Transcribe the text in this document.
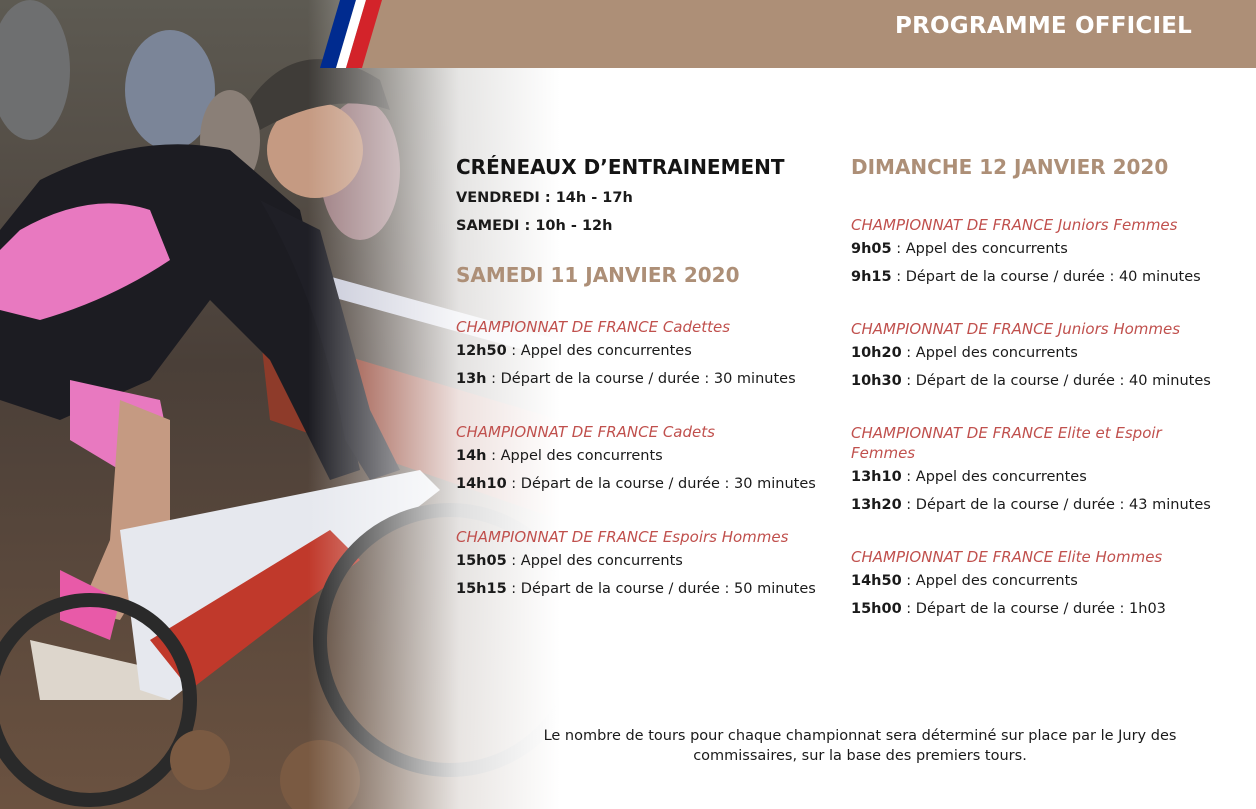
PROGRAMME OFFICIEL
CRÉNEAUX D’ENTRAINEMENT
VENDREDI : 14h - 17h
SAMEDI : 10h - 12h
SAMEDI 11 JANVIER 2020
CHAMPIONNAT DE FRANCE Cadettes
12h50 : Appel des concurrentes
13h : Départ de la course / durée : 30 minutes
CHAMPIONNAT DE FRANCE Cadets
14h : Appel des concurrents
14h10 : Départ de la course / durée : 30 minutes
CHAMPIONNAT DE FRANCE Espoirs Hommes
15h05 : Appel des concurrents
15h15 : Départ de la course / durée : 50 minutes
DIMANCHE 12 JANVIER 2020
CHAMPIONNAT DE FRANCE Juniors Femmes
9h05 : Appel des concurrents
9h15 : Départ de la course / durée : 40 minutes
CHAMPIONNAT DE FRANCE Juniors Hommes
10h20 : Appel des concurrents
10h30 : Départ de la course / durée : 40 minutes
CHAMPIONNAT DE FRANCE Elite et Espoir Femmes
13h10 : Appel des concurrentes
13h20 : Départ de la course / durée : 43 minutes
CHAMPIONNAT DE FRANCE Elite Hommes
14h50 : Appel des concurrents
15h00 : Départ de la course / durée : 1h03
Le nombre de tours pour chaque championnat sera déterminé sur place par le Jury des commissaires, sur la base des premiers tours.
